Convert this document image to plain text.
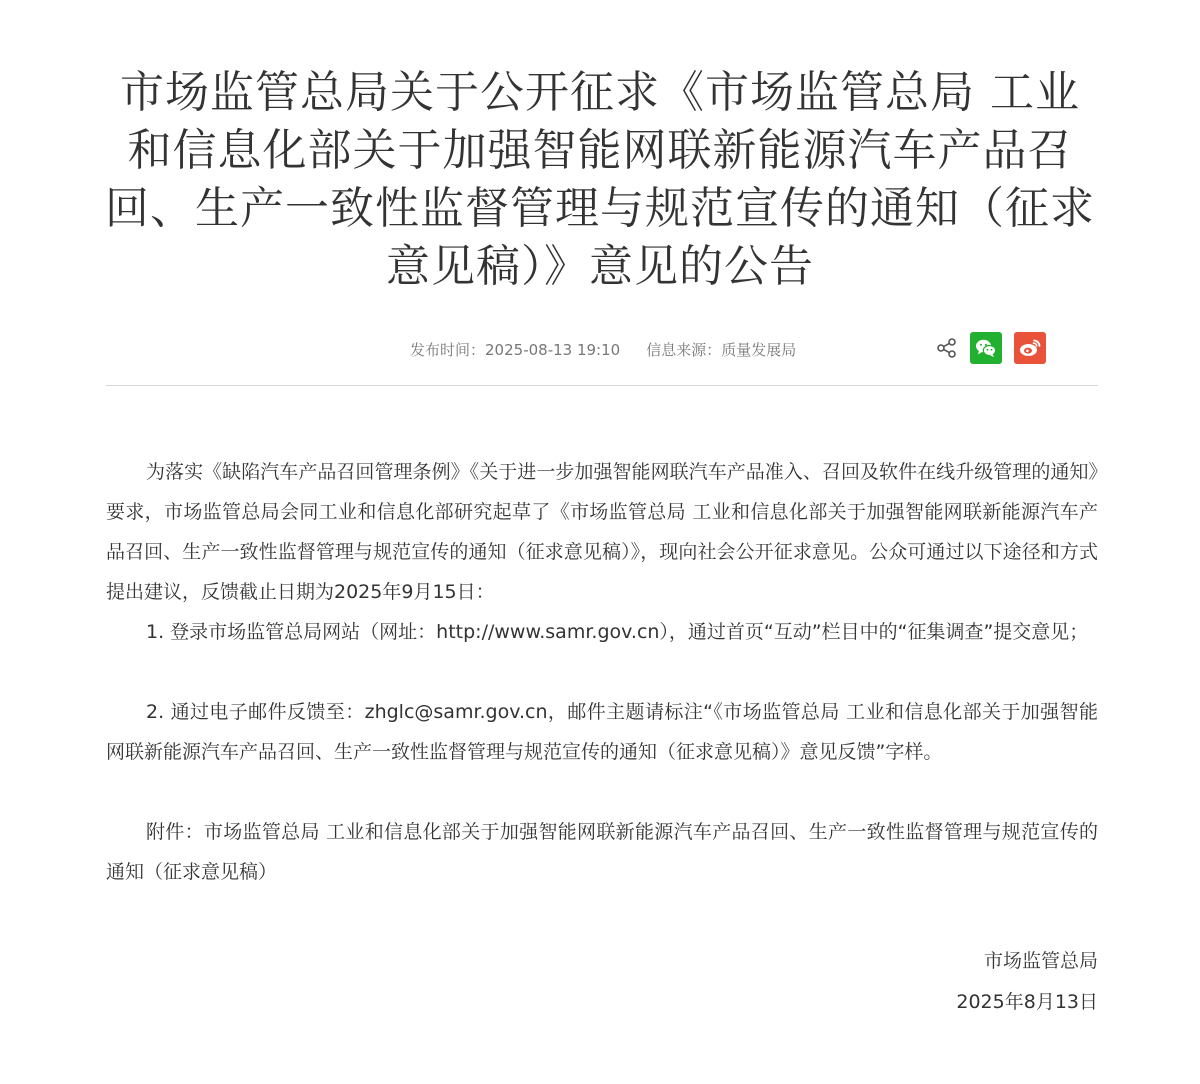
市场监管总局关于公开征求《市场监管总局 工业和信息化部关于加强智能网联新能源汽车产品召回、生产一致性监督管理与规范宣传的通知（征求意见稿）》意见的公告
发布时间：2025-08-13 19:10 信息来源：质量发展局

为落实《缺陷汽车产品召回管理条例》《关于进一步加强智能网联汽车产品准入、召回及软件在线升级管理的通知》要求，市场监管总局会同工业和信息化部研究起草了《市场监管总局 工业和信息化部关于加强智能网联新能源汽车产品召回、生产一致性监督管理与规范宣传的通知（征求意见稿）》，现向社会公开征求意见。公众可通过以下途径和方式提出建议，反馈截止日期为2025年9月15日：

1. 登录市场监管总局网站（网址：http://www.samr.gov.cn），通过首页“互动”栏目中的“征集调查”提交意见；

2. 通过电子邮件反馈至：zhglc@samr.gov.cn，邮件主题请标注“《市场监管总局 工业和信息化部关于加强智能网联新能源汽车产品召回、生产一致性监督管理与规范宣传的通知（征求意见稿）》意见反馈”字样。

附件：市场监管总局 工业和信息化部关于加强智能网联新能源汽车产品召回、生产一致性监督管理与规范宣传的通知（征求意见稿）

市场监管总局
2025年8月13日
